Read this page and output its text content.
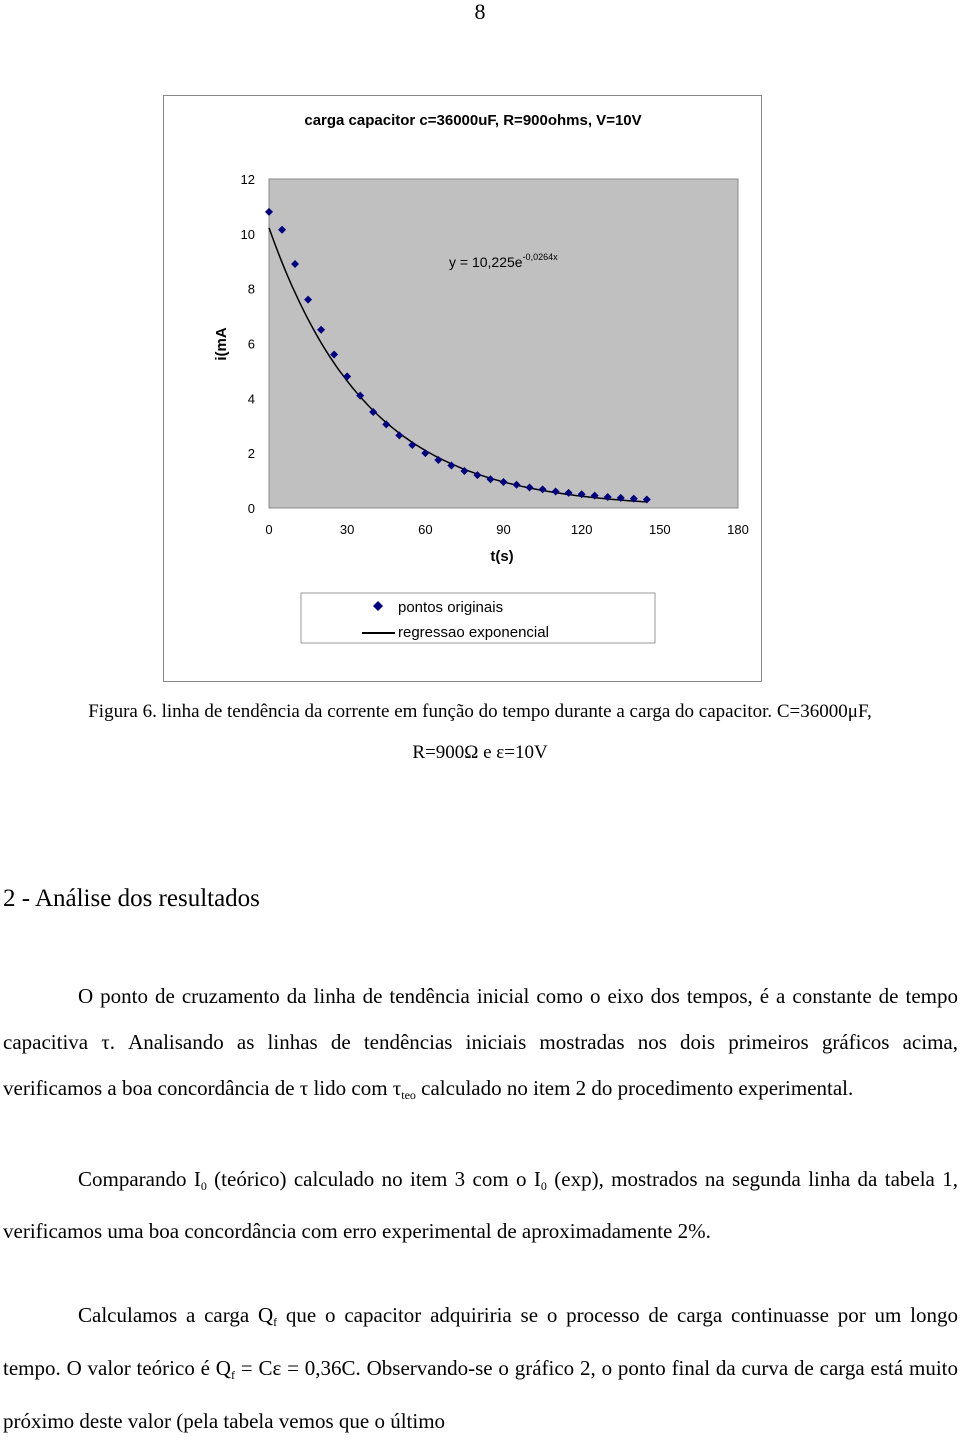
8
carga capacitor c=36000uF, R=900ohms, V=10V
0
2
4
6
8
10
12
0	30	60	90	120	150	180
$y = 10,225e^{-0,0264x}$
i(mA
t(s)
pontos originais
regressao exponencial
Figura 6. linha de tendência da corrente em função do tempo durante a carga do capacitor. C=36000μF,
R=900Ω e ε=10V
2 - Análise dos resultados

O ponto de cruzamento da linha de tendência inicial como o eixo dos tempos, é a constante de tempo capacitiva τ. Analisando as linhas de tendências iniciais mostradas nos dois primeiros gráficos acima, verificamos a boa concordância de τ lido com $\tau_{teo}$ calculado no item 2 do procedimento experimental.

Comparando $I_0$ (teórico) calculado no item 3 com o $I_0$ (exp), mostrados na segunda linha da tabela 1, verificamos uma boa concordância com erro experimental de aproximadamente 2%.

Calculamos a carga $Q_f$ que o capacitor adquiriria se o processo de carga continuasse por um longo tempo. O valor teórico é $Q_f = C\varepsilon = 0,36C$. Observando-se o gráfico 2, o ponto final da curva de carga está muito próximo deste valor (pela tabela vemos que o último
